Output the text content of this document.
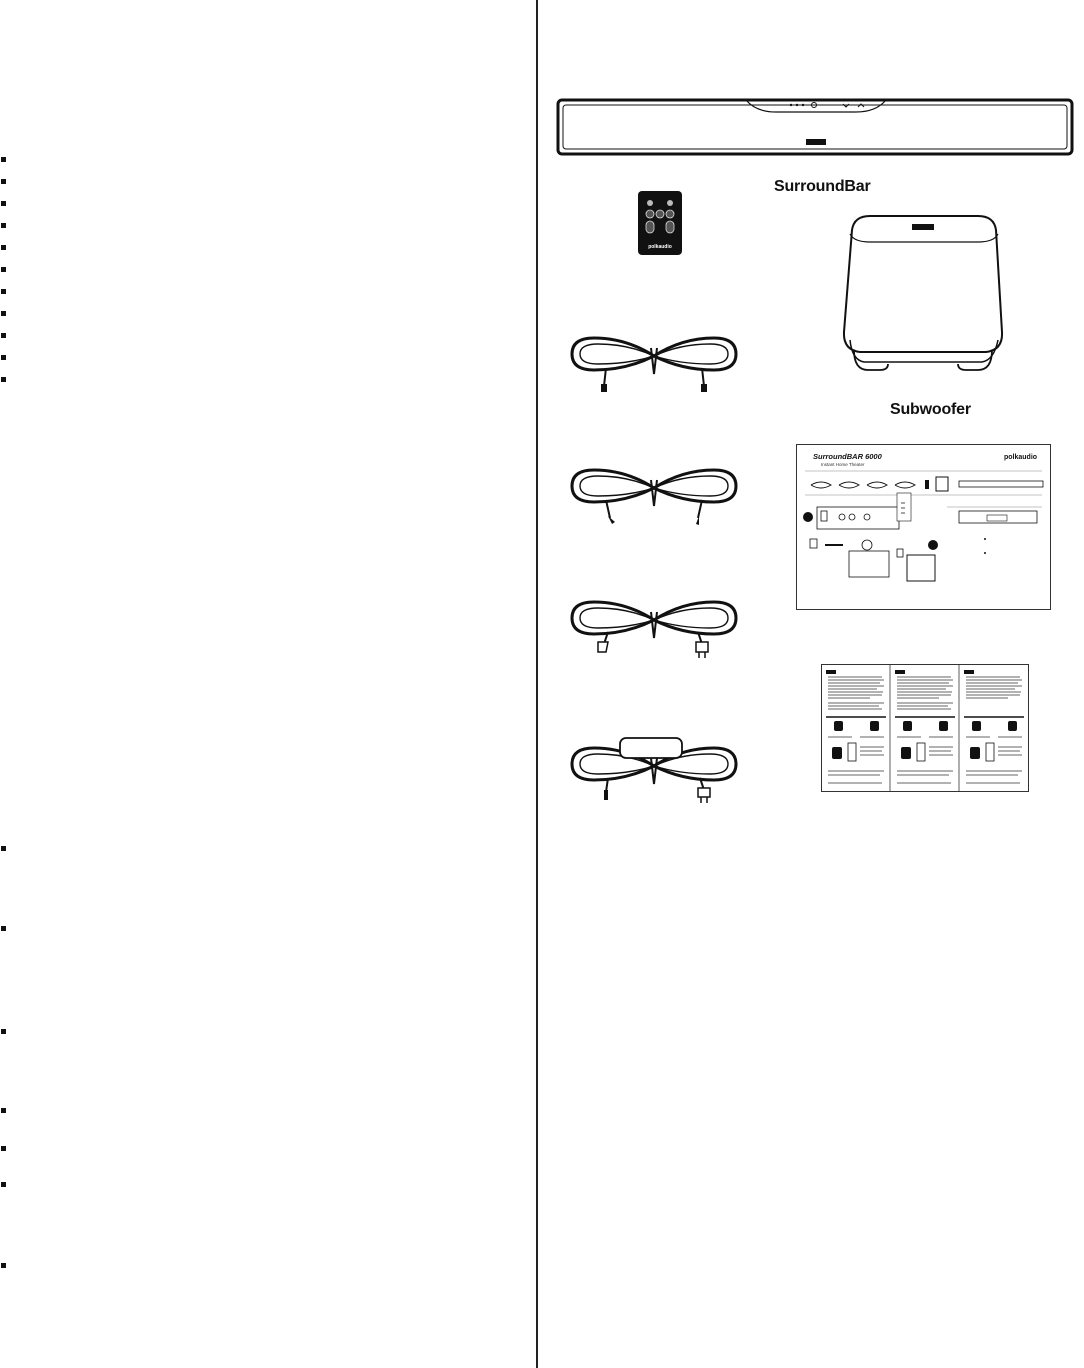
SurroundBar
polkaudio
Subwoofer
SurroundBAR 6000
Instant Home Theater
polkaudio
